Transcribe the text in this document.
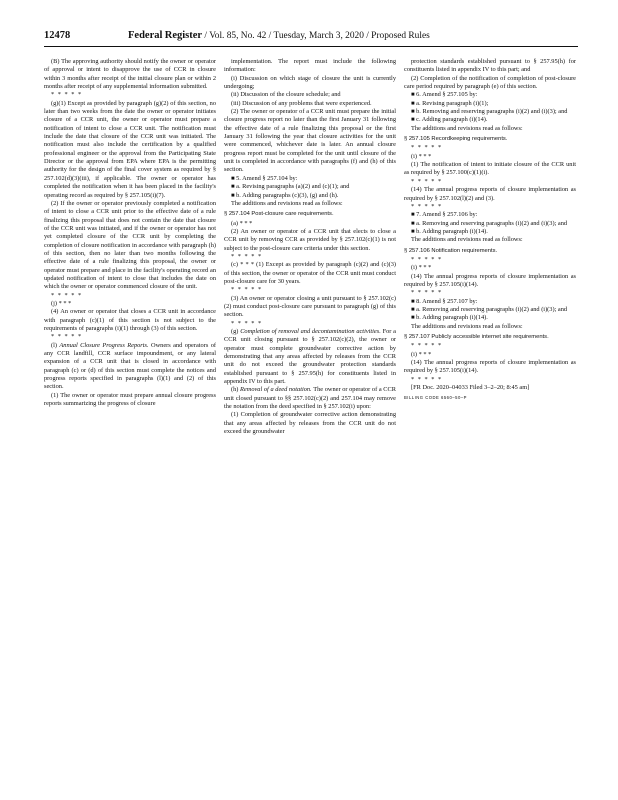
12478	Federal Register / Vol. 85, No. 42 / Tuesday, March 3, 2020 / Proposed Rules

(B) The approving authority should notify the owner or operator of approval or intent to disapprove the use of CCR in closure within 3 months after receipt of the initial closure plan or within 2 months after receipt of any supplemental information submitted.

* * * * *

(g)(1) Except as provided by paragraph (g)(2) of this section, no later than two weeks from the date the owner or operator initiates closure of a CCR unit, the owner or operator must prepare a notification of intent to close a CCR unit. The notification must include the date that closure of the CCR unit was initiated. The notification must also include the certification by a qualified professional engineer or the approval from the Participating State Director or the approval from EPA where EPA is the permitting authority for the design of the final cover system as required by § 257.102(d)(3)(iii), if applicable. The owner or operator has completed the notification when it has been placed in the facility's operating record as required by § 257.105(i)(7).

(2) If the owner or operator previously completed a notification of intent to close a CCR unit prior to the effective date of a rule finalizing this proposal that does not contain the date that closure of the CCR unit was initiated, and if the owner or operator has not yet completed closure of the CCR unit by completing the completion of closure notification in accordance with paragraph (h) of this section, then no later than two months following the effective date of a rule finalizing this proposal, the owner or operator must prepare and place in the facility's operating record an updated notification of intent to close that includes the date on which the owner or operator commenced closure of the unit.

* * * * *

(j) * * *

(4) An owner or operator that closes a CCR unit in accordance with paragraph (c)(1) of this section is not subject to the requirements of paragraphs (i)(1) through (3) of this section.

* * * * *

(l) Annual Closure Progress Reports. Owners and operators of any CCR landfill, CCR surface impoundment, or any lateral expansion of a CCR unit that is closed in accordance with paragraph (c) or (d) of this section must complete the notices and progress reports specified in paragraphs (l)(1) and (2) of this section.

(1) The owner or operator must prepare annual closure progress reports summarizing the progress of closure

implementation. The report must include the following information:

(i) Discussion on which stage of closure the unit is currently undergoing;

(ii) Discussion of the closure schedule; and

(iii) Discussion of any problems that were experienced.

(2) The owner or operator of a CCR unit must prepare the initial closure progress report no later than the first January 31 following the effective date of a rule finalizing this proposal or the first January 31 following the year that closure activities for the unit were commenced, whichever date is later. An annual closure progress report must be completed for the unit until closure of the unit is completed in accordance with paragraphs (f) and (h) of this section.

■ 5. Amend § 257.104 by:

■ a. Revising paragraphs (a)(2) and (c)(1); and

■ b. Adding paragraphs (c)(3), (g) and (h).

The additions and revisions read as follows:

§ 257.104 Post-closure care requirements.

(a) * * *

(2) An owner or operator of a CCR unit that elects to close a CCR unit by removing CCR as provided by § 257.102(c)(1) is not subject to the post-closure care criteria under this section.

* * * * *

(c) * * * (1) Except as provided by paragraph (c)(2) and (c)(3) of this section, the owner or operator of the CCR unit must conduct post-closure care for 30 years.

* * * * *

(3) An owner or operator closing a unit pursuant to § 257.102(c)(2) must conduct post-closure care pursuant to paragraph (g) of this section.

* * * * *

(g) Completion of removal and decontamination activities. For a CCR unit closing pursuant to § 257.102(c)(2), the owner or operator must complete groundwater corrective action by demonstrating that any areas affected by releases from the CCR unit do not exceed the groundwater protection standards established pursuant to § 257.95(h) for constituents listed in appendix IV to this part.

(h) Removal of a deed notation. The owner or operator of a CCR unit closed pursuant to §§ 257.102(c)(2) and 257.104 may remove the notation from the deed specified in § 257.102(i) upon:

(1) Completion of groundwater corrective action demonstrating that any areas affected by releases from the CCR unit do not exceed the groundwater

protection standards established pursuant to § 257.95(h) for constituents listed in appendix IV to this part; and

(2) Completion of the notification of completion of post-closure care period required by paragraph (e) of this section.

■ 6. Amend § 257.105 by:

■ a. Revising paragraph (i)(1);

■ b. Removing and reserving paragraphs (i)(2) and (i)(3); and

■ c. Adding paragraph (i)(14).

The additions and revisions read as follows:

§ 257.105 Recordkeeping requirements.

* * * * *

(i) * * *

(1) The notification of intent to initiate closure of the CCR unit as required by § 257.100(c)(1)(i).

* * * * *

(14) The annual progress reports of closure implementation as required by § 257.102(l)(2) and (3).

* * * * *

■ 7. Amend § 257.106 by:

■ a. Removing and reserving paragraphs (i)(2) and (i)(3); and

■ b. Adding paragraph (i)(14).

The additions and revisions read as follows:

§ 257.106 Notification requirements.

* * * * *

(i) * * *

(14) The annual progress reports of closure implementation as required by § 257.105(i)(14).

* * * * *

■ 8. Amend § 257.107 by:

■ a. Removing and reserving paragraphs (i)(2) and (i)(3); and

■ b. Adding paragraph (i)(14).

The additions and revisions read as follows:

§ 257.107 Publicly accessible internet site requirements.

* * * * *

(i) * * *

(14) The annual progress reports of closure implementation as required by § 257.105(i)(14).

* * * * *

[FR Doc. 2020–04033 Filed 3–2–20; 8:45 am]

BILLING CODE 6560–50–P
